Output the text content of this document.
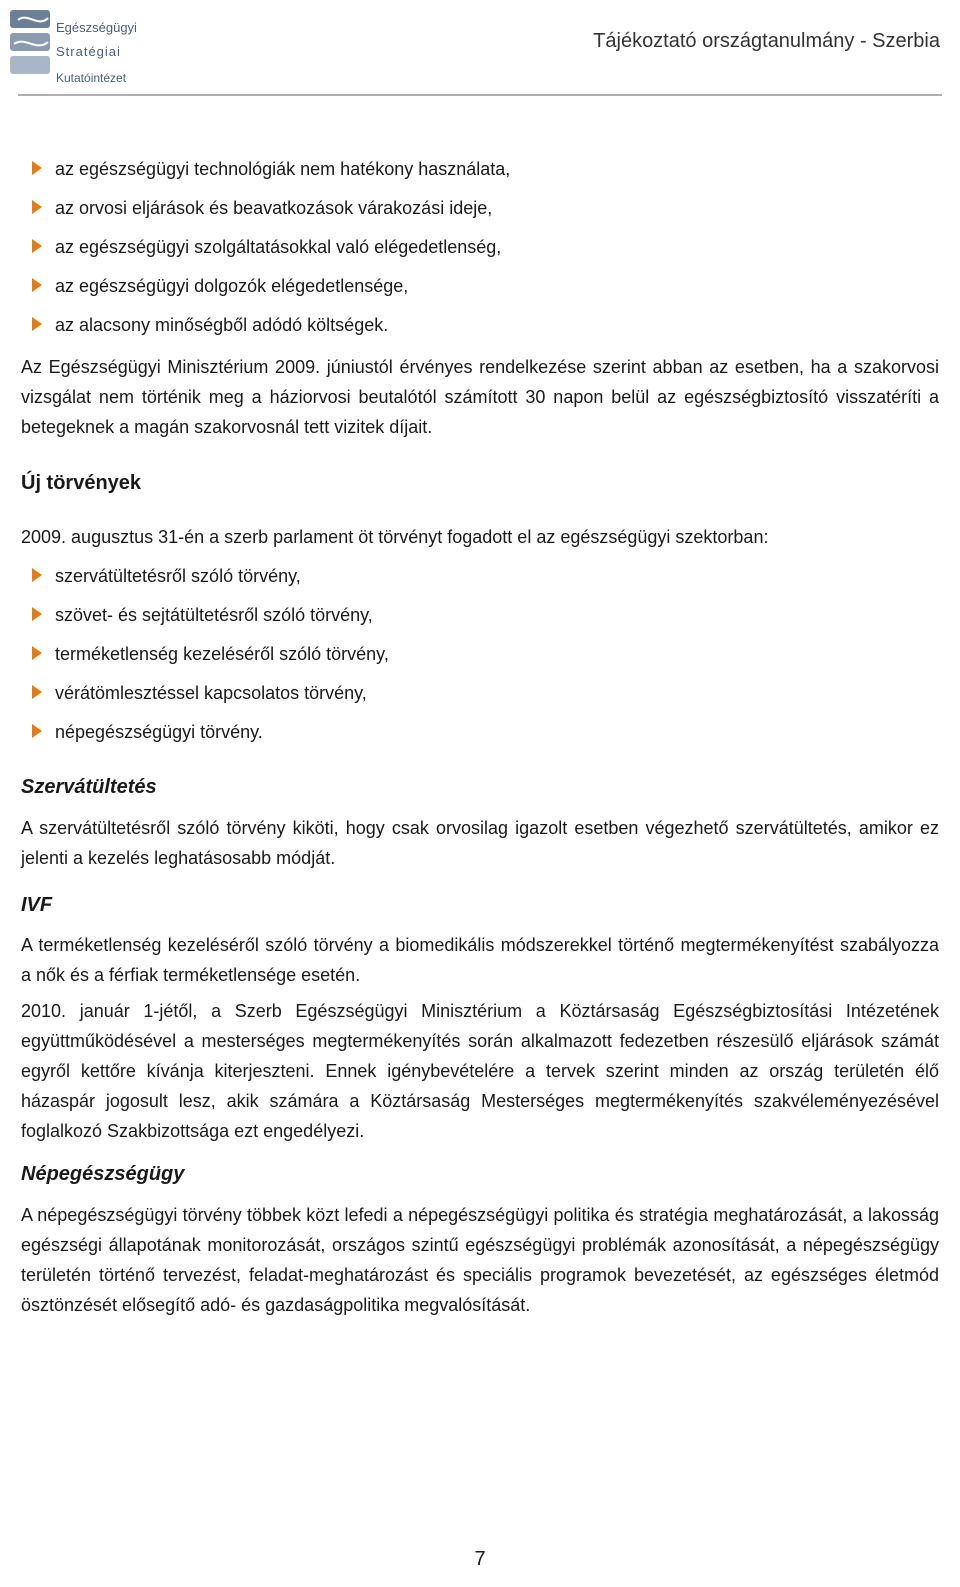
Egészségügyi
Stratégiai
Kutatóintézet
Tájékoztató országtanulmány - Szerbia
az egészségügyi technológiák nem hatékony használata,
az orvosi eljárások és beavatkozások várakozási ideje,
az egészségügyi szolgáltatásokkal való elégedetlenség,
az egészségügyi dolgozók elégedetlensége,
az alacsony minőségből adódó költségek.

Az Egészségügyi Minisztérium 2009. júniustól érvényes rendelkezése szerint abban az esetben, ha a szakorvosi vizsgálat nem történik meg a háziorvosi beutalótól számított 30 napon belül az egészségbiztosító visszatéríti a betegeknek a magán szakorvosnál tett vizitek díjait.

Új törvények

2009. augusztus 31-én a szerb parlament öt törvényt fogadott el az egészségügyi szektorban:

szervátültetésről szóló törvény,
szövet- és sejtátültetésről szóló törvény,
terméketlenség kezeléséről szóló törvény,
vérátömlesztéssel kapcsolatos törvény,
népegészségügyi törvény.
Szervátültetés

A szervátültetésről szóló törvény kiköti, hogy csak orvosilag igazolt esetben végezhető szervátültetés, amikor ez jelenti a kezelés leghatásosabb módját.

IVF

A terméketlenség kezeléséről szóló törvény a biomedikális módszerekkel történő megtermékenyítést szabályozza a nők és a férfiak terméketlensége esetén.

2010. január 1-jétől, a Szerb Egészségügyi Minisztérium a Köztársaság Egészségbiztosítási Intézetének együttműködésével a mesterséges megtermékenyítés során alkalmazott fedezetben részesülő eljárások számát egyről kettőre kívánja kiterjeszteni. Ennek igénybevételére a tervek szerint minden az ország területén élő házaspár jogosult lesz, akik számára a Köztársaság Mesterséges megtermékenyítés szakvéleményezésével foglalkozó Szakbizottsága ezt engedélyezi.

Népegészségügy

A népegészségügyi törvény többek közt lefedi a népegészségügyi politika és stratégia meghatározását, a lakosság egészségi állapotának monitorozását, országos szintű egészségügyi problémák azonosítását, a népegészségügy területén történő tervezést, feladat-meghatározást és speciális programok bevezetését, az egészséges életmód ösztönzését elősegítő adó- és gazdaságpolitika megvalósítását.

7
